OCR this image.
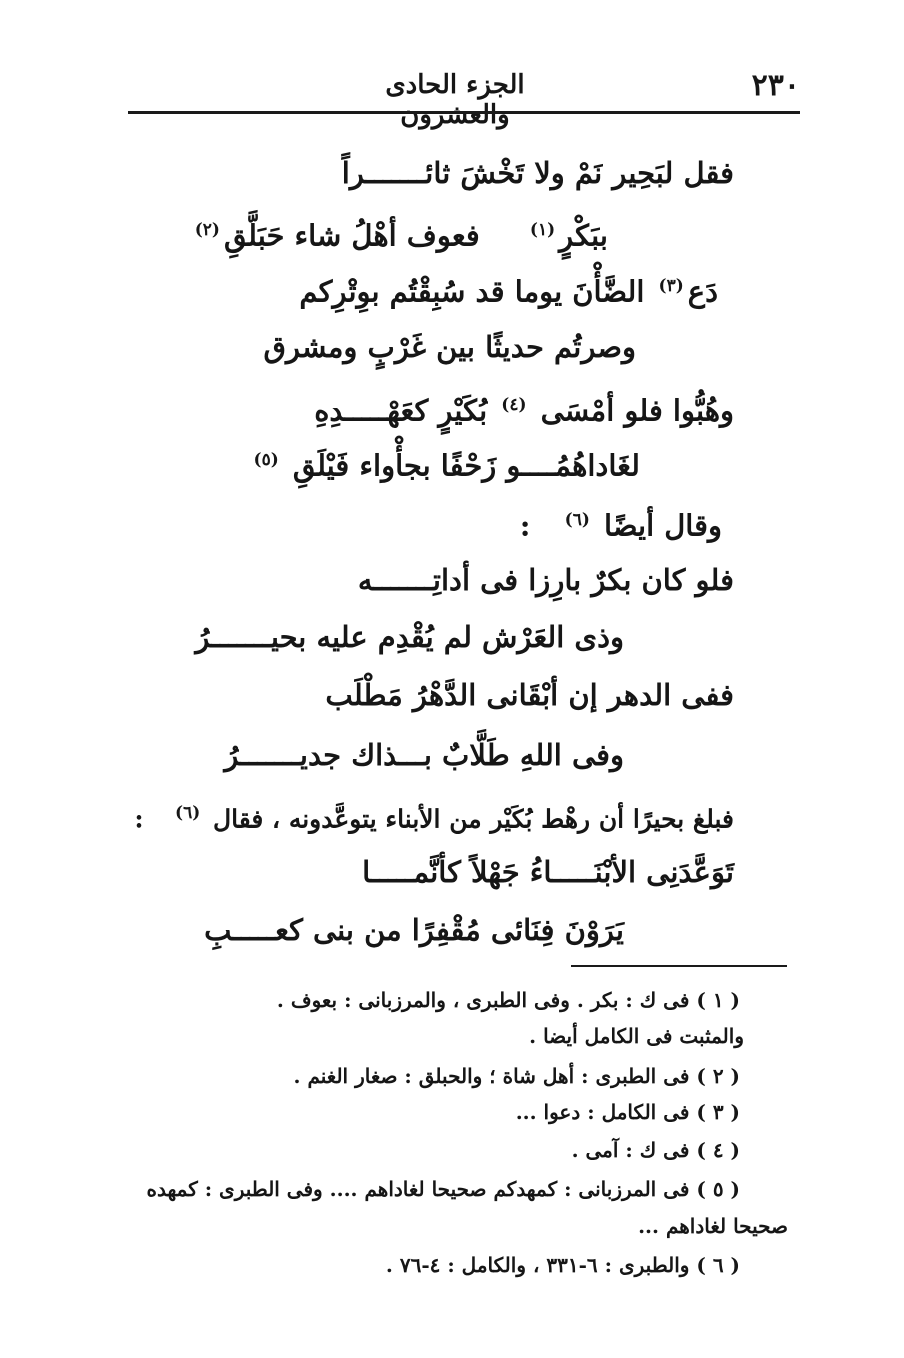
٢٣٠
الجزء الحادى والعشرون
فقل لبَحِير نَمْ ولا تَخْشَ ثائـــــــراً
ببَكْرٍ$^{(١)}$  فعوف أهْلُ شاء حَبَلَّقِ$^{(٢)}$
دَع$^{(٣)}$ الضَّأْنَ يوما قد سُبِقْتُم بوِتْرِكم
وصرتُم حديثًا بين غَرْبٍ ومشرق
وهُبُّوا فلو أمْسَى $^{(٤)}$ بُكَيْرٍ كعَهْـــــدِهِ
لغَاداهُمُــــو زَحْفًا بجأْواء فَيْلَقِ $^{(٥)}$
وقال أيضًا $^{(٦)}$  :
فلو كان بكرٌ بارِزا فى أداتِـــــــه
وذى العَرْش لم يُقْدِم عليه بحيـــــــرُ
ففى الدهر إن أبْقَانى الدَّهْرُ مَطْلَب
وفى اللهِ طَلَّابٌ بـــذاك جديـــــــرُ
فبلغ بحيرًا أن رهْط بُكَيْر من الأبناء يتوعَّدونه ، فقال $^{(٦)}$  :
تَوَعَّدَنِى الأبْنَـــــاءُ جَهْلاً كأنَّمـــــا
يَرَوْنَ فِنَائى مُقْفِرًا من بنى كعـــــبِ
( ١ ) فى ك : بكر . وفى الطبرى ، والمرزبانى : بعوف .
والمثبت فى الكامل أيضا .
( ٢ ) فى الطبرى : أهل شاة ؛ والحبلق : صغار الغنم .
( ٣ ) فى الكامل : دعوا ...
( ٤ ) فى ك : آمى .
( ٥ ) فى المرزبانى : كمهدكم صحيحا لغاداهم .... وفى الطبرى : كمهده
صحيحا لغاداهم ...
( ٦ ) والطبرى : ٦-٣٣١ ، والكامل : ٤-٧٦ .
